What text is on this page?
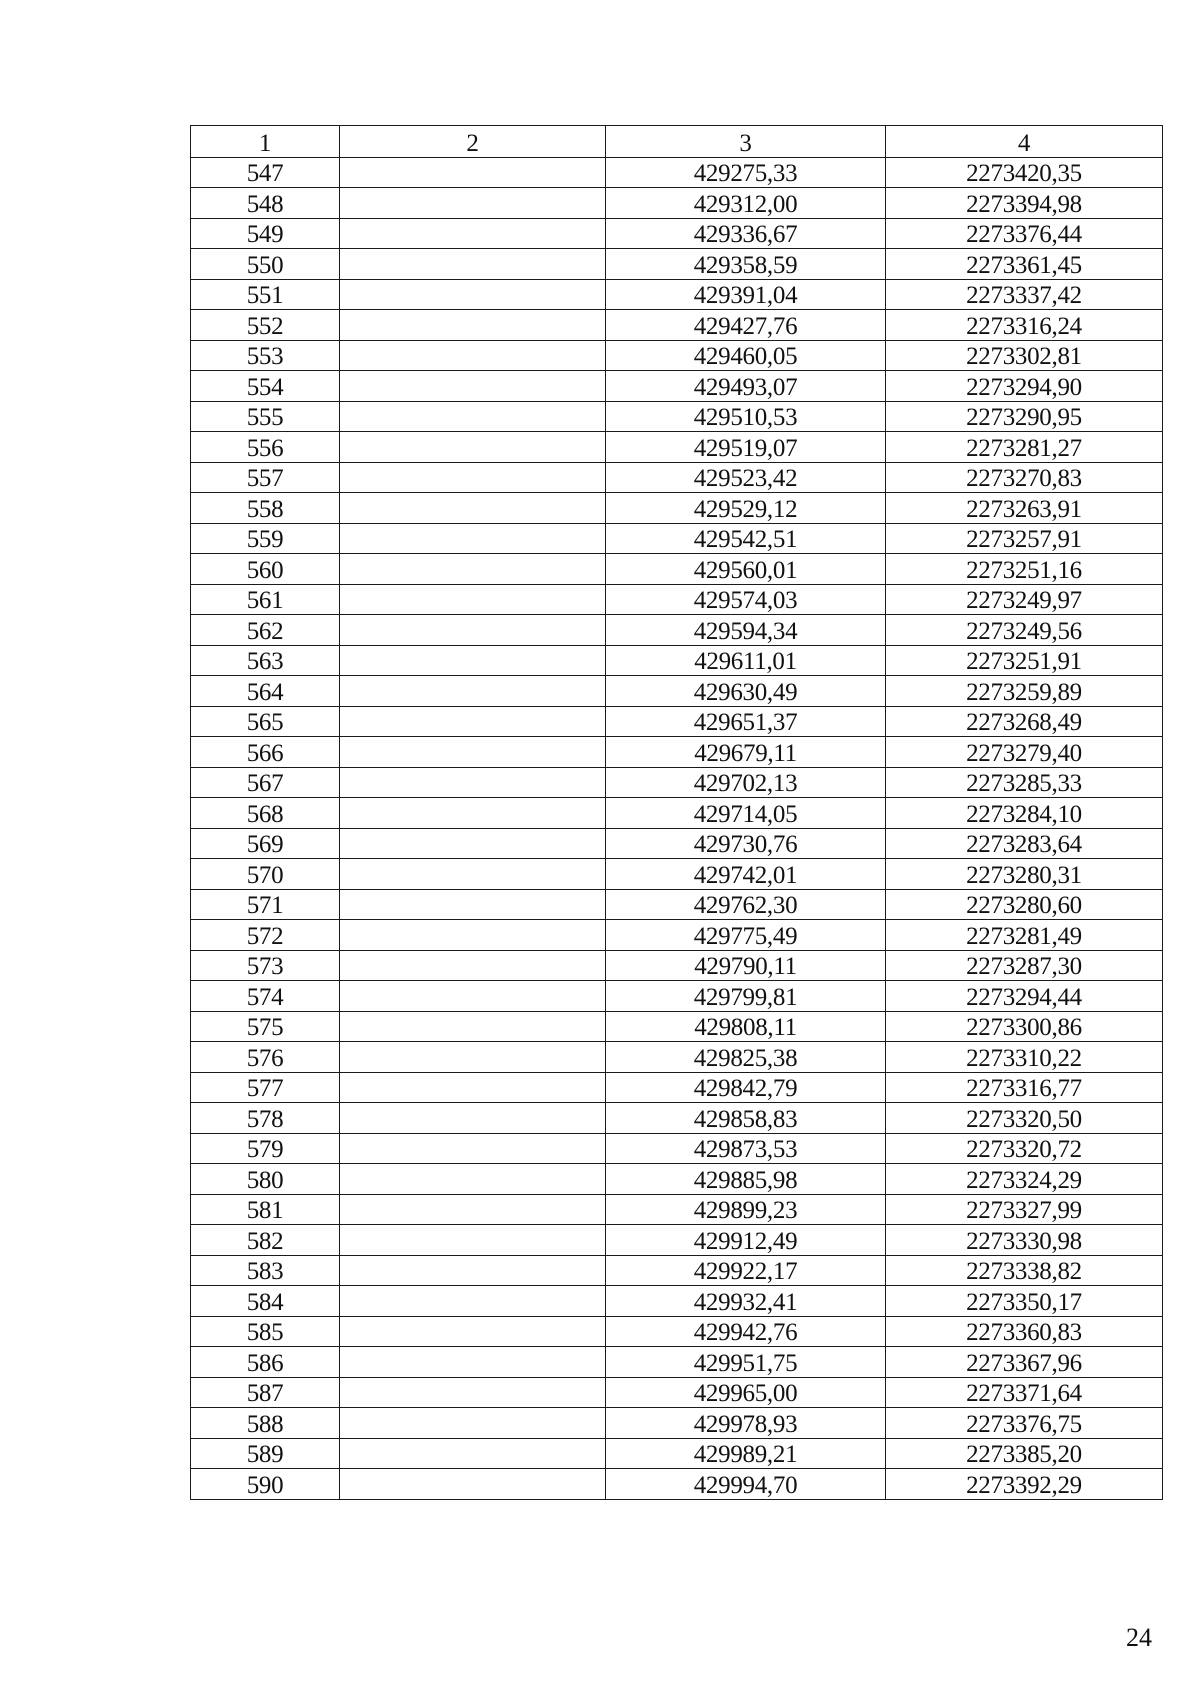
1	2	3	4
547		429275,33	2273420,35
548		429312,00	2273394,98
549		429336,67	2273376,44
550		429358,59	2273361,45
551		429391,04	2273337,42
552		429427,76	2273316,24
553		429460,05	2273302,81
554		429493,07	2273294,90
555		429510,53	2273290,95
556		429519,07	2273281,27
557		429523,42	2273270,83
558		429529,12	2273263,91
559		429542,51	2273257,91
560		429560,01	2273251,16
561		429574,03	2273249,97
562		429594,34	2273249,56
563		429611,01	2273251,91
564		429630,49	2273259,89
565		429651,37	2273268,49
566		429679,11	2273279,40
567		429702,13	2273285,33
568		429714,05	2273284,10
569		429730,76	2273283,64
570		429742,01	2273280,31
571		429762,30	2273280,60
572		429775,49	2273281,49
573		429790,11	2273287,30
574		429799,81	2273294,44
575		429808,11	2273300,86
576		429825,38	2273310,22
577		429842,79	2273316,77
578		429858,83	2273320,50
579		429873,53	2273320,72
580		429885,98	2273324,29
581		429899,23	2273327,99
582		429912,49	2273330,98
583		429922,17	2273338,82
584		429932,41	2273350,17
585		429942,76	2273360,83
586		429951,75	2273367,96
587		429965,00	2273371,64
588		429978,93	2273376,75
589		429989,21	2273385,20
590		429994,70	2273392,29
24
